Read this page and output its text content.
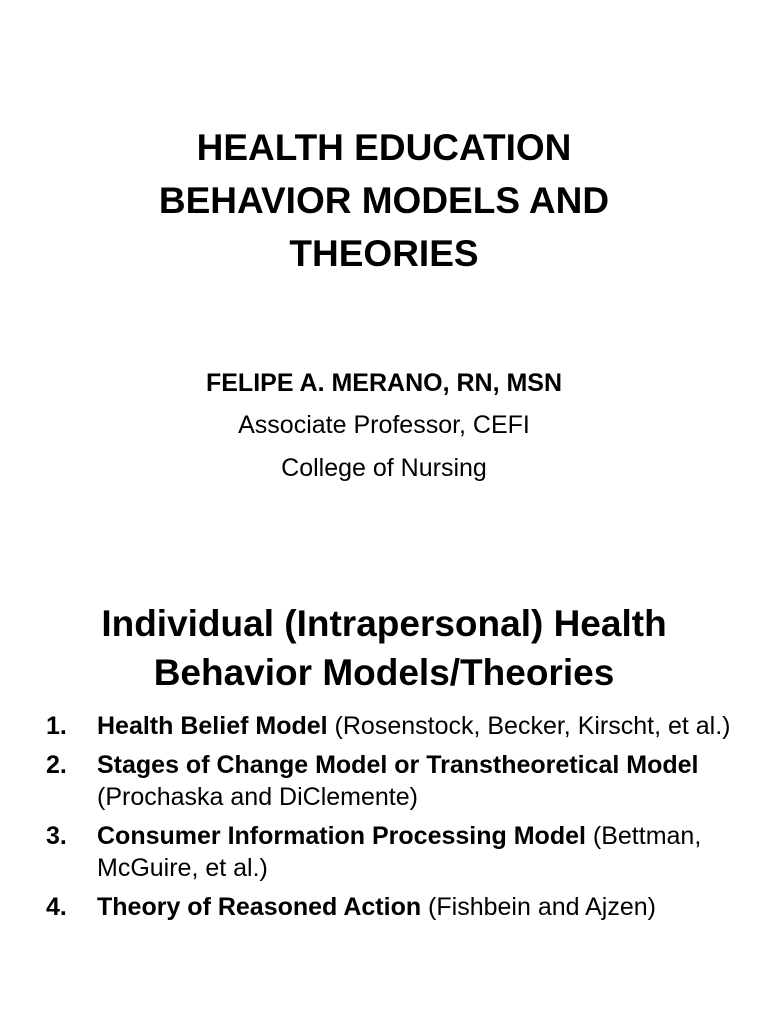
HEALTH EDUCATION
BEHAVIOR MODELS AND
THEORIES

FELIPE A. MERANO, RN, MSN

Associate Professor, CEFI

College of Nursing

Individual (Intrapersonal) Health
Behavior Models/Theories
1. Health Belief Model (Rosenstock, Becker, Kirscht, et al.)
2. Stages of Change Model or Transtheoretical Model (Prochaska and DiClemente)
3. Consumer Information Processing Model (Bettman, McGuire, et al.)
4. Theory of Reasoned Action (Fishbein and Ajzen)
